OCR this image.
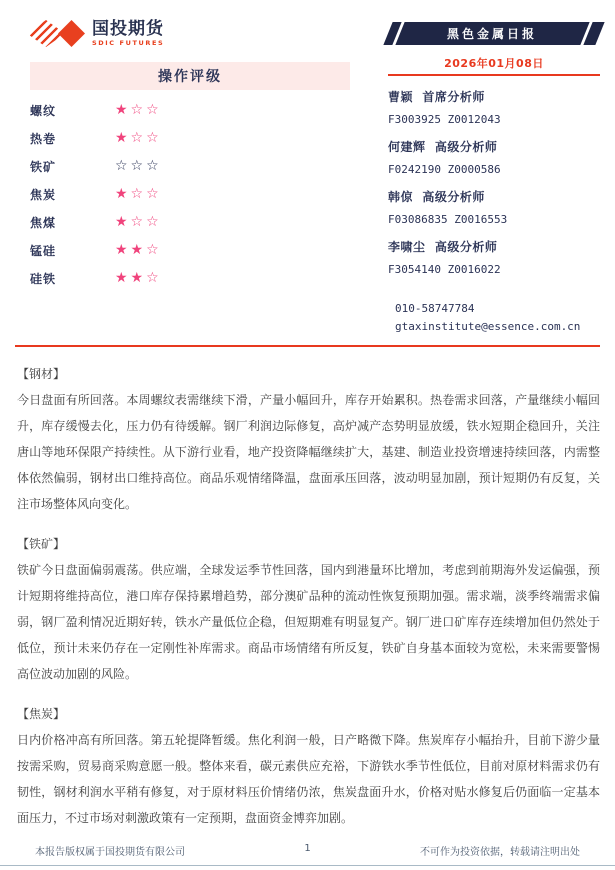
国投期货
SDIC FUTURES
黑色金属日报
2026年01月08日
操作评级
螺纹	★☆☆
热卷	★☆☆
铁矿	☆☆☆
焦炭	★☆☆
焦煤	★☆☆
锰硅	★★☆
硅铁	★★☆
曹颖 首席分析师
F3003925 Z0012043
何建辉 高级分析师
F0242190 Z0000586
韩倞 高级分析师
F03086835 Z0016553
李啸尘 高级分析师
F3054140 Z0016022
010-58747784
gtaxinstitute@essence.com.cn
【钢材】
今日盘面有所回落。本周螺纹表需继续下滑，产量小幅回升，库存开始累积。热卷需求回落，产量继续小幅回升，库存缓慢去化，压力仍有待缓解。钢厂利润边际修复，高炉减产态势明显放缓，铁水短期企稳回升，关注唐山等地环保限产持续性。从下游行业看，地产投资降幅继续扩大，基建、制造业投资增速持续回落，内需整体依然偏弱，钢材出口维持高位。商品乐观情绪降温，盘面承压回落，波动明显加剧，预计短期仍有反复，关注市场整体风向变化。
【铁矿】
铁矿今日盘面偏弱震荡。供应端，全球发运季节性回落，国内到港量环比增加，考虑到前期海外发运偏强，预计短期将维持高位，港口库存保持累增趋势，部分澳矿品种的流动性恢复预期加强。需求端，淡季终端需求偏弱，钢厂盈利情况近期好转，铁水产量低位企稳，但短期难有明显复产。钢厂进口矿库存连续增加但仍然处于低位，预计未来仍存在一定刚性补库需求。商品市场情绪有所反复，铁矿自身基本面较为宽松，未来需要警惕高位波动加剧的风险。
【焦炭】
日内价格冲高有所回落。第五轮提降暂缓。焦化利润一般，日产略微下降。焦炭库存小幅抬升，目前下游少量按需采购，贸易商采购意愿一般。整体来看，碳元素供应充裕，下游铁水季节性低位，目前对原材料需求仍有韧性，钢材利润水平稍有修复，对于原材料压价情绪仍浓，焦炭盘面升水，价格对贴水修复后仍面临一定基本面压力，不过市场对刺激政策有一定预期，盘面资金博弈加剧。
本报告版权属于国投期货有限公司	1	不可作为投资依据，转载请注明出处
